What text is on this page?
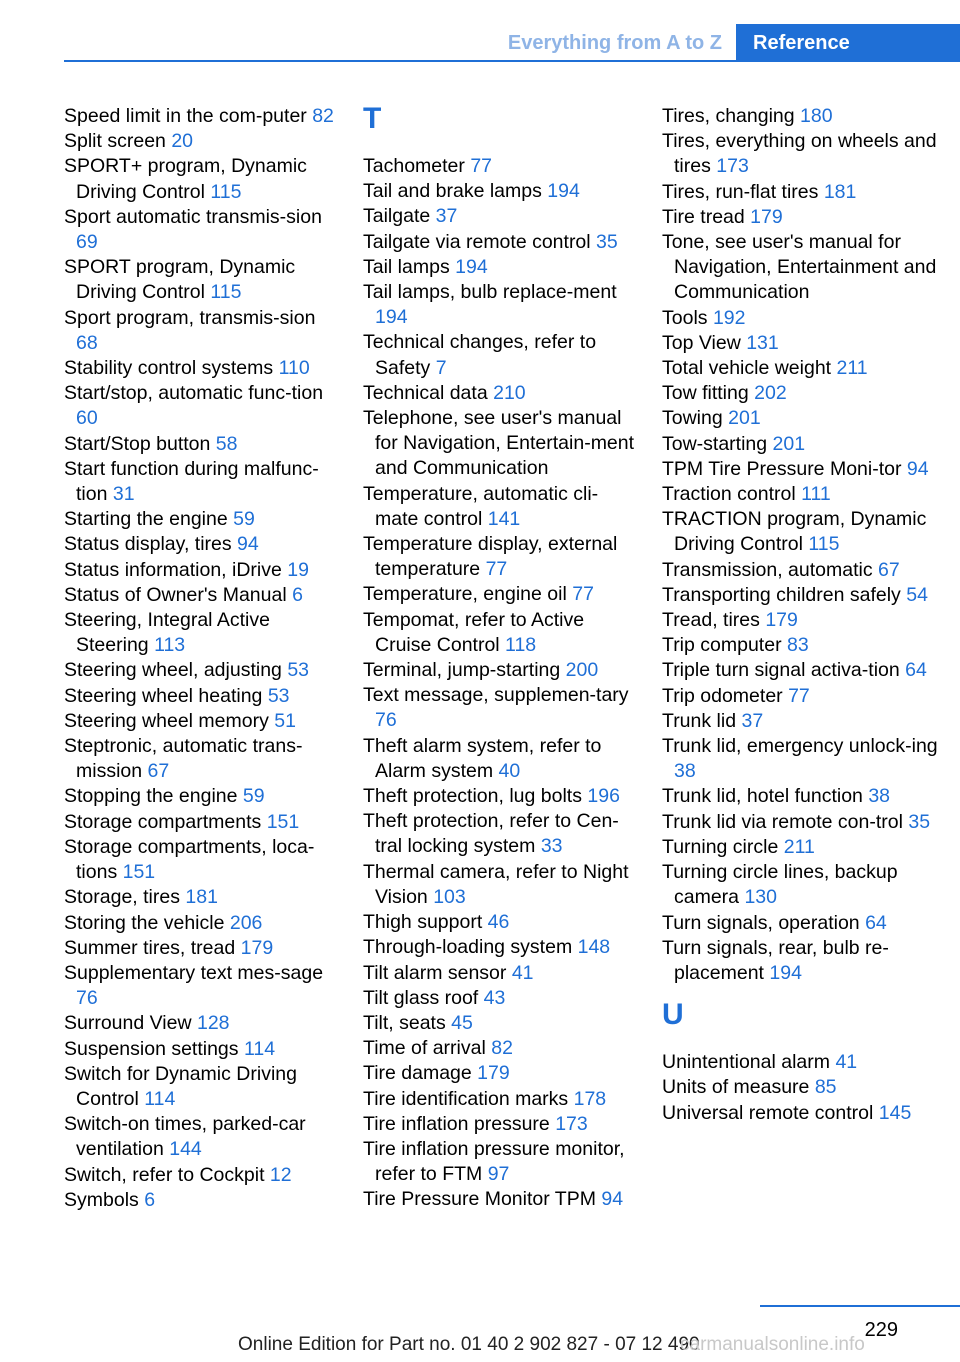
Everything from A to Z	Reference
Speed limit in the com-puter 82
Split screen 20
SPORT+ program, Dynamic Driving Control 115
Sport automatic transmis-sion 69
SPORT program, Dynamic Driving Control 115
Sport program, transmis-sion 68
Stability control systems 110
Start/stop, automatic func-tion 60
Start/Stop button 58
Start function during malfunc-tion 31
Starting the engine 59
Status display, tires 94
Status information, iDrive 19
Status of Owner's Manual 6
Steering, Integral Active Steering 113
Steering wheel, adjusting 53
Steering wheel heating 53
Steering wheel memory 51
Steptronic, automatic trans-mission 67
Stopping the engine 59
Storage compartments 151
Storage compartments, loca-tions 151
Storage, tires 181
Storing the vehicle 206
Summer tires, tread 179
Supplementary text mes-sage 76
Surround View 128
Suspension settings 114
Switch for Dynamic Driving Control 114
Switch-on times, parked-car ventilation 144
Switch, refer to Cockpit 12
Symbols 6
T
Tachometer 77
Tail and brake lamps 194
Tailgate 37
Tailgate via remote control 35
Tail lamps 194
Tail lamps, bulb replace-ment 194
Technical changes, refer to Safety 7
Technical data 210
Telephone, see user's manual for Navigation, Entertain-ment and Communication
Temperature, automatic cli-mate control 141
Temperature display, external temperature 77
Temperature, engine oil 77
Tempomat, refer to Active Cruise Control 118
Terminal, jump-starting 200
Text message, supplemen-tary 76
Theft alarm system, refer to Alarm system 40
Theft protection, lug bolts 196
Theft protection, refer to Cen-tral locking system 33
Thermal camera, refer to Night Vision 103
Thigh support 46
Through-loading system 148
Tilt alarm sensor 41
Tilt glass roof 43
Tilt, seats 45
Time of arrival 82
Tire damage 179
Tire identification marks 178
Tire inflation pressure 173
Tire inflation pressure monitor, refer to FTM 97
Tire Pressure Monitor TPM 94
Tires, changing 180
Tires, everything on wheels and tires 173
Tires, run-flat tires 181
Tire tread 179
Tone, see user's manual for Navigation, Entertainment and Communication
Tools 192
Top View 131
Total vehicle weight 211
Tow fitting 202
Towing 201
Tow-starting 201
TPM Tire Pressure Moni-tor 94
Traction control 111
TRACTION program, Dynamic Driving Control 115
Transmission, automatic 67
Transporting children safely 54
Tread, tires 179
Trip computer 83
Triple turn signal activa-tion 64
Trip odometer 77
Trunk lid 37
Trunk lid, emergency unlock-ing 38
Trunk lid, hotel function 38
Trunk lid via remote con-trol 35
Turning circle 211
Turning circle lines, backup camera 130
Turn signals, operation 64
Turn signals, rear, bulb re-placement 194
U
Unintentional alarm 41
Units of measure 85
Universal remote control 145
229
Online Edition for Part no. 01 40 2 902 827 - 07 12 490
carmanualsonline.info
